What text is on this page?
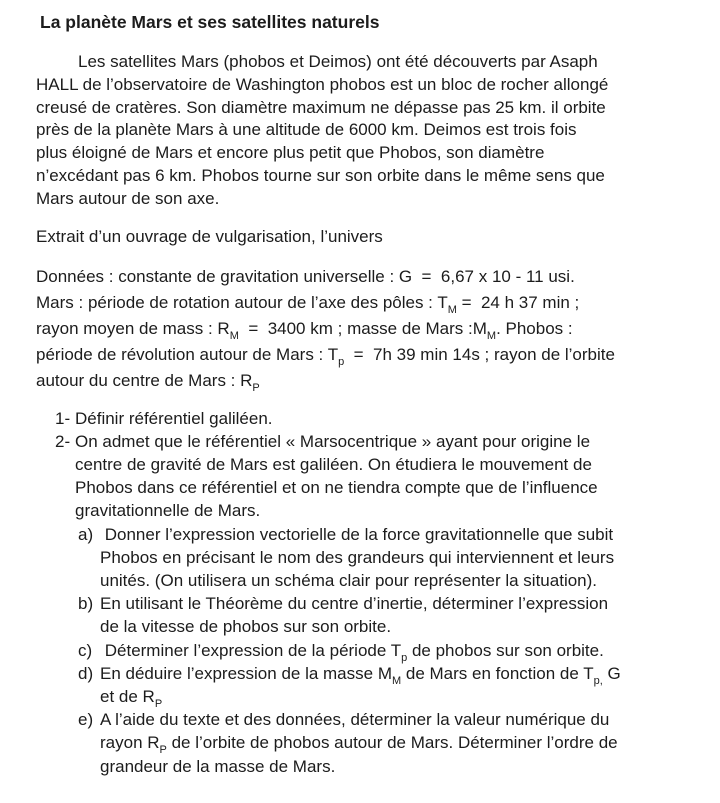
La planète Mars et ses satellites naturels
Les satellites Mars (phobos et Deimos) ont été découverts par Asaph
HALL de l’observatoire de Washington phobos est un bloc de rocher allongé
creusé de cratères. Son diamètre maximum ne dépasse pas 25 km. il orbite
près de la planète Mars à une altitude de 6000 km. Deimos est trois fois
plus éloigné de Mars et encore plus petit que Phobos, son diamètre
n’excédant pas 6 km. Phobos tourne sur son orbite dans le même sens que
Mars autour de son axe.
Extrait d’un ouvrage de vulgarisation, l’univers
Données : constante de gravitation universelle : G  =  6,67 x 10 - 11 usi.
Mars : période de rotation autour de l’axe des pôles : $T_M = 24$ h 37 min ;
rayon moyen de mass : $R_M = 3400$ km ; masse de Mars $:M_M$. Phobos :
période de révolution autour de Mars : $T_p = 7h$ 39 min 14s ; rayon de l’orbite
autour du centre de Mars : $R_P$
1- Définir référentiel galiléen.
2- On admet que le référentiel « Marsocentrique » ayant pour origine le
centre de gravité de Mars est galiléen. On étudiera le mouvement de
Phobos dans ce référentiel et on ne tiendra compte que de l’influence
gravitationnelle de Mars.
a) Donner l’expression vectorielle de la force gravitationnelle que subit
Phobos en précisant le nom des grandeurs qui interviennent et leurs
unités. (On utilisera un schéma clair pour représenter la situation).
b) En utilisant le Théorème du centre d’inertie, déterminer l’expression
de la vitesse de phobos sur son orbite.
c) Déterminer l’expression de la période $T_p$ de phobos sur son orbite.
d) En déduire l’expression de la masse $M_M$ de Mars en fonction de $T_{p,}$ G
et de $R_P$
e) A l’aide du texte et des données, déterminer la valeur numérique du
rayon $R_P$ de l’orbite de phobos autour de Mars. Déterminer l’ordre de
grandeur de la masse de Mars.
